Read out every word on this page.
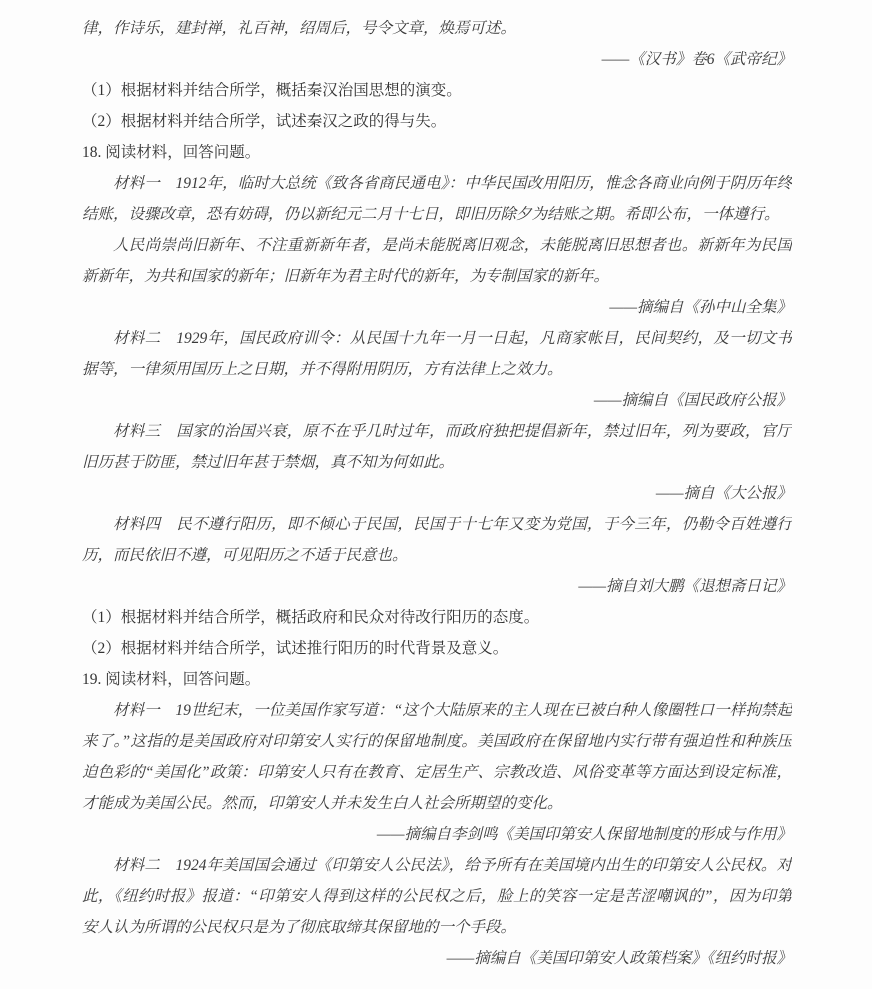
律，作诗乐，建封禅，礼百神，绍周后，号令文章，焕焉可述。
——《汉书》卷6《武帝纪》
（1）根据材料并结合所学，概括秦汉治国思想的演变。
（2）根据材料并结合所学，试述秦汉之政的得与失。
18. 阅读材料，回答问题。
材料一　1912年，临时大总统《致各省商民通电》：中华民国改用阳历，惟念各商业向例于阴历年终
结账，设骤改章，恐有妨碍，仍以新纪元二月十七日，即旧历除夕为结账之期。希即公布，一体遵行。
人民尚崇尚旧新年、不注重新新年者，是尚未能脱离旧观念，未能脱离旧思想者也。新新年为民国
新新年，为共和国家的新年；旧新年为君主时代的新年，为专制国家的新年。
——摘编自《孙中山全集》
材料二　1929年，国民政府训令：从民国十九年一月一日起，凡商家帐目，民间契约，及一切文书
据等，一律须用国历上之日期，并不得附用阴历，方有法律上之效力。
——摘编自《国民政府公报》
材料三　国家的治国兴衰，原不在乎几时过年，而政府独把提倡新年，禁过旧年，列为要政，官厅
旧历甚于防匪，禁过旧年甚于禁烟，真不知为何如此。
——摘自《大公报》
材料四　民不遵行阳历，即不倾心于民国，民国于十七年又变为党国，于今三年，仍勒令百姓遵行
历，而民依旧不遵，可见阳历之不适于民意也。
——摘自刘大鹏《退想斋日记》
（1）根据材料并结合所学，概括政府和民众对待改行阳历的态度。
（2）根据材料并结合所学，试述推行阳历的时代背景及意义。
19. 阅读材料，回答问题。
材料一　19世纪末，一位美国作家写道：“这个大陆原来的主人现在已被白种人像圈牲口一样拘禁起
来了。”这指的是美国政府对印第安人实行的保留地制度。美国政府在保留地内实行带有强迫性和种族压
迫色彩的“美国化”政策：印第安人只有在教育、定居生产、宗教改造、风俗变革等方面达到设定标准，
才能成为美国公民。然而，印第安人并未发生白人社会所期望的变化。
——摘编自李剑鸣《美国印第安人保留地制度的形成与作用》
材料二　1924年美国国会通过《印第安人公民法》，给予所有在美国境内出生的印第安人公民权。对
此，《纽约时报》报道：“印第安人得到这样的公民权之后，脸上的笑容一定是苦涩嘲讽的”，因为印第
安人认为所谓的公民权只是为了彻底取缔其保留地的一个手段。
——摘编自《美国印第安人政策档案》《纽约时报》
